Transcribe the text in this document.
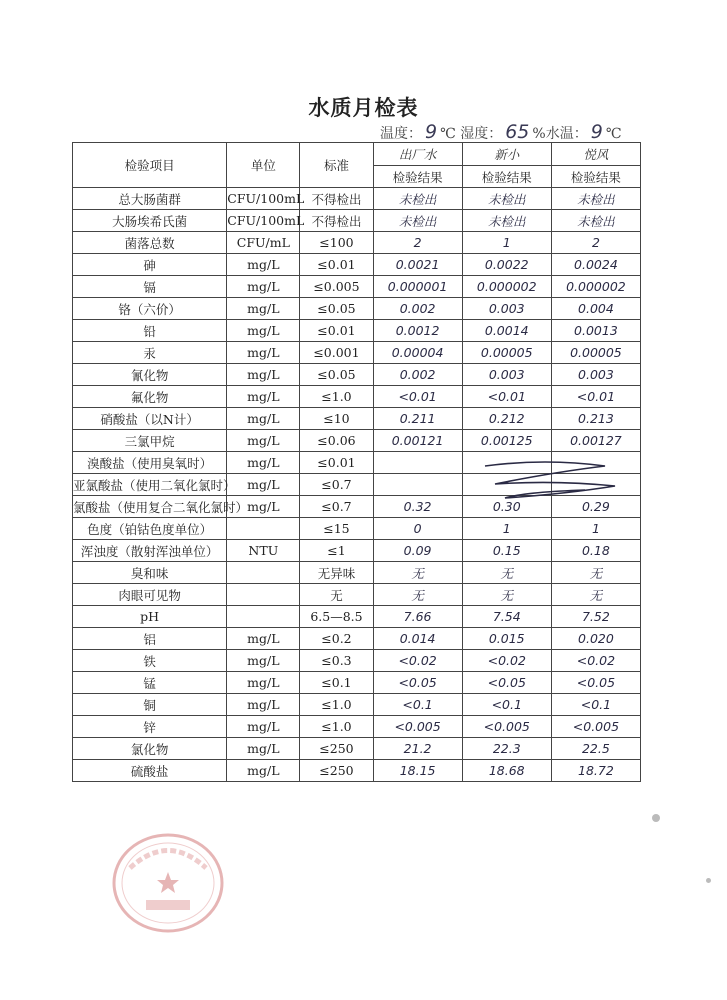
水质月检表
温度： 9 ℃ 湿度： 65 %水温： 9 ℃
检验项目	单位	标准	出厂水	新小	悦风
			检验结果	检验结果	检验结果
总大肠菌群	CFU/100mL	不得检出	未检出	未检出	未检出
大肠埃希氏菌	CFU/100mL	不得检出	未检出	未检出	未检出
菌落总数	CFU/mL	≤100	2	1	2
砷	mg/L	≤0.01	0.0021	0.0022	0.0024
镉	mg/L	≤0.005	0.000001	0.000002	0.000002
铬（六价）	mg/L	≤0.05	0.002	0.003	0.004
铅	mg/L	≤0.01	0.0012	0.0014	0.0013
汞	mg/L	≤0.001	0.00004	0.00005	0.00005
氰化物	mg/L	≤0.05	0.002	0.003	0.003
氟化物	mg/L	≤1.0	<0.01	<0.01	<0.01
硝酸盐（以N计）	mg/L	≤10	0.211	0.212	0.213
三氯甲烷	mg/L	≤0.06	0.00121	0.00125	0.00127
溴酸盐（使用臭氧时）	mg/L	≤0.01			
亚氯酸盐（使用二氧化氯时）	mg/L	≤0.7			
氯酸盐（使用复合二氧化氯时）	mg/L	≤0.7	0.32	0.30	0.29
色度（铂钴色度单位）		≤15	0	1	1
浑浊度（散射浑浊单位）	NTU	≤1	0.09	0.15	0.18
臭和味		无异味	无	无	无
肉眼可见物		无	无	无	无
pH		6.5—8.5	7.66	7.54	7.52
铝	mg/L	≤0.2	0.014	0.015	0.020
铁	mg/L	≤0.3	<0.02	<0.02	<0.02
锰	mg/L	≤0.1	<0.05	<0.05	<0.05
铜	mg/L	≤1.0	<0.1	<0.1	<0.1
锌	mg/L	≤1.0	<0.005	<0.005	<0.005
氯化物	mg/L	≤250	21.2	22.3	22.5
硫酸盐	mg/L	≤250	18.15	18.68	18.72
